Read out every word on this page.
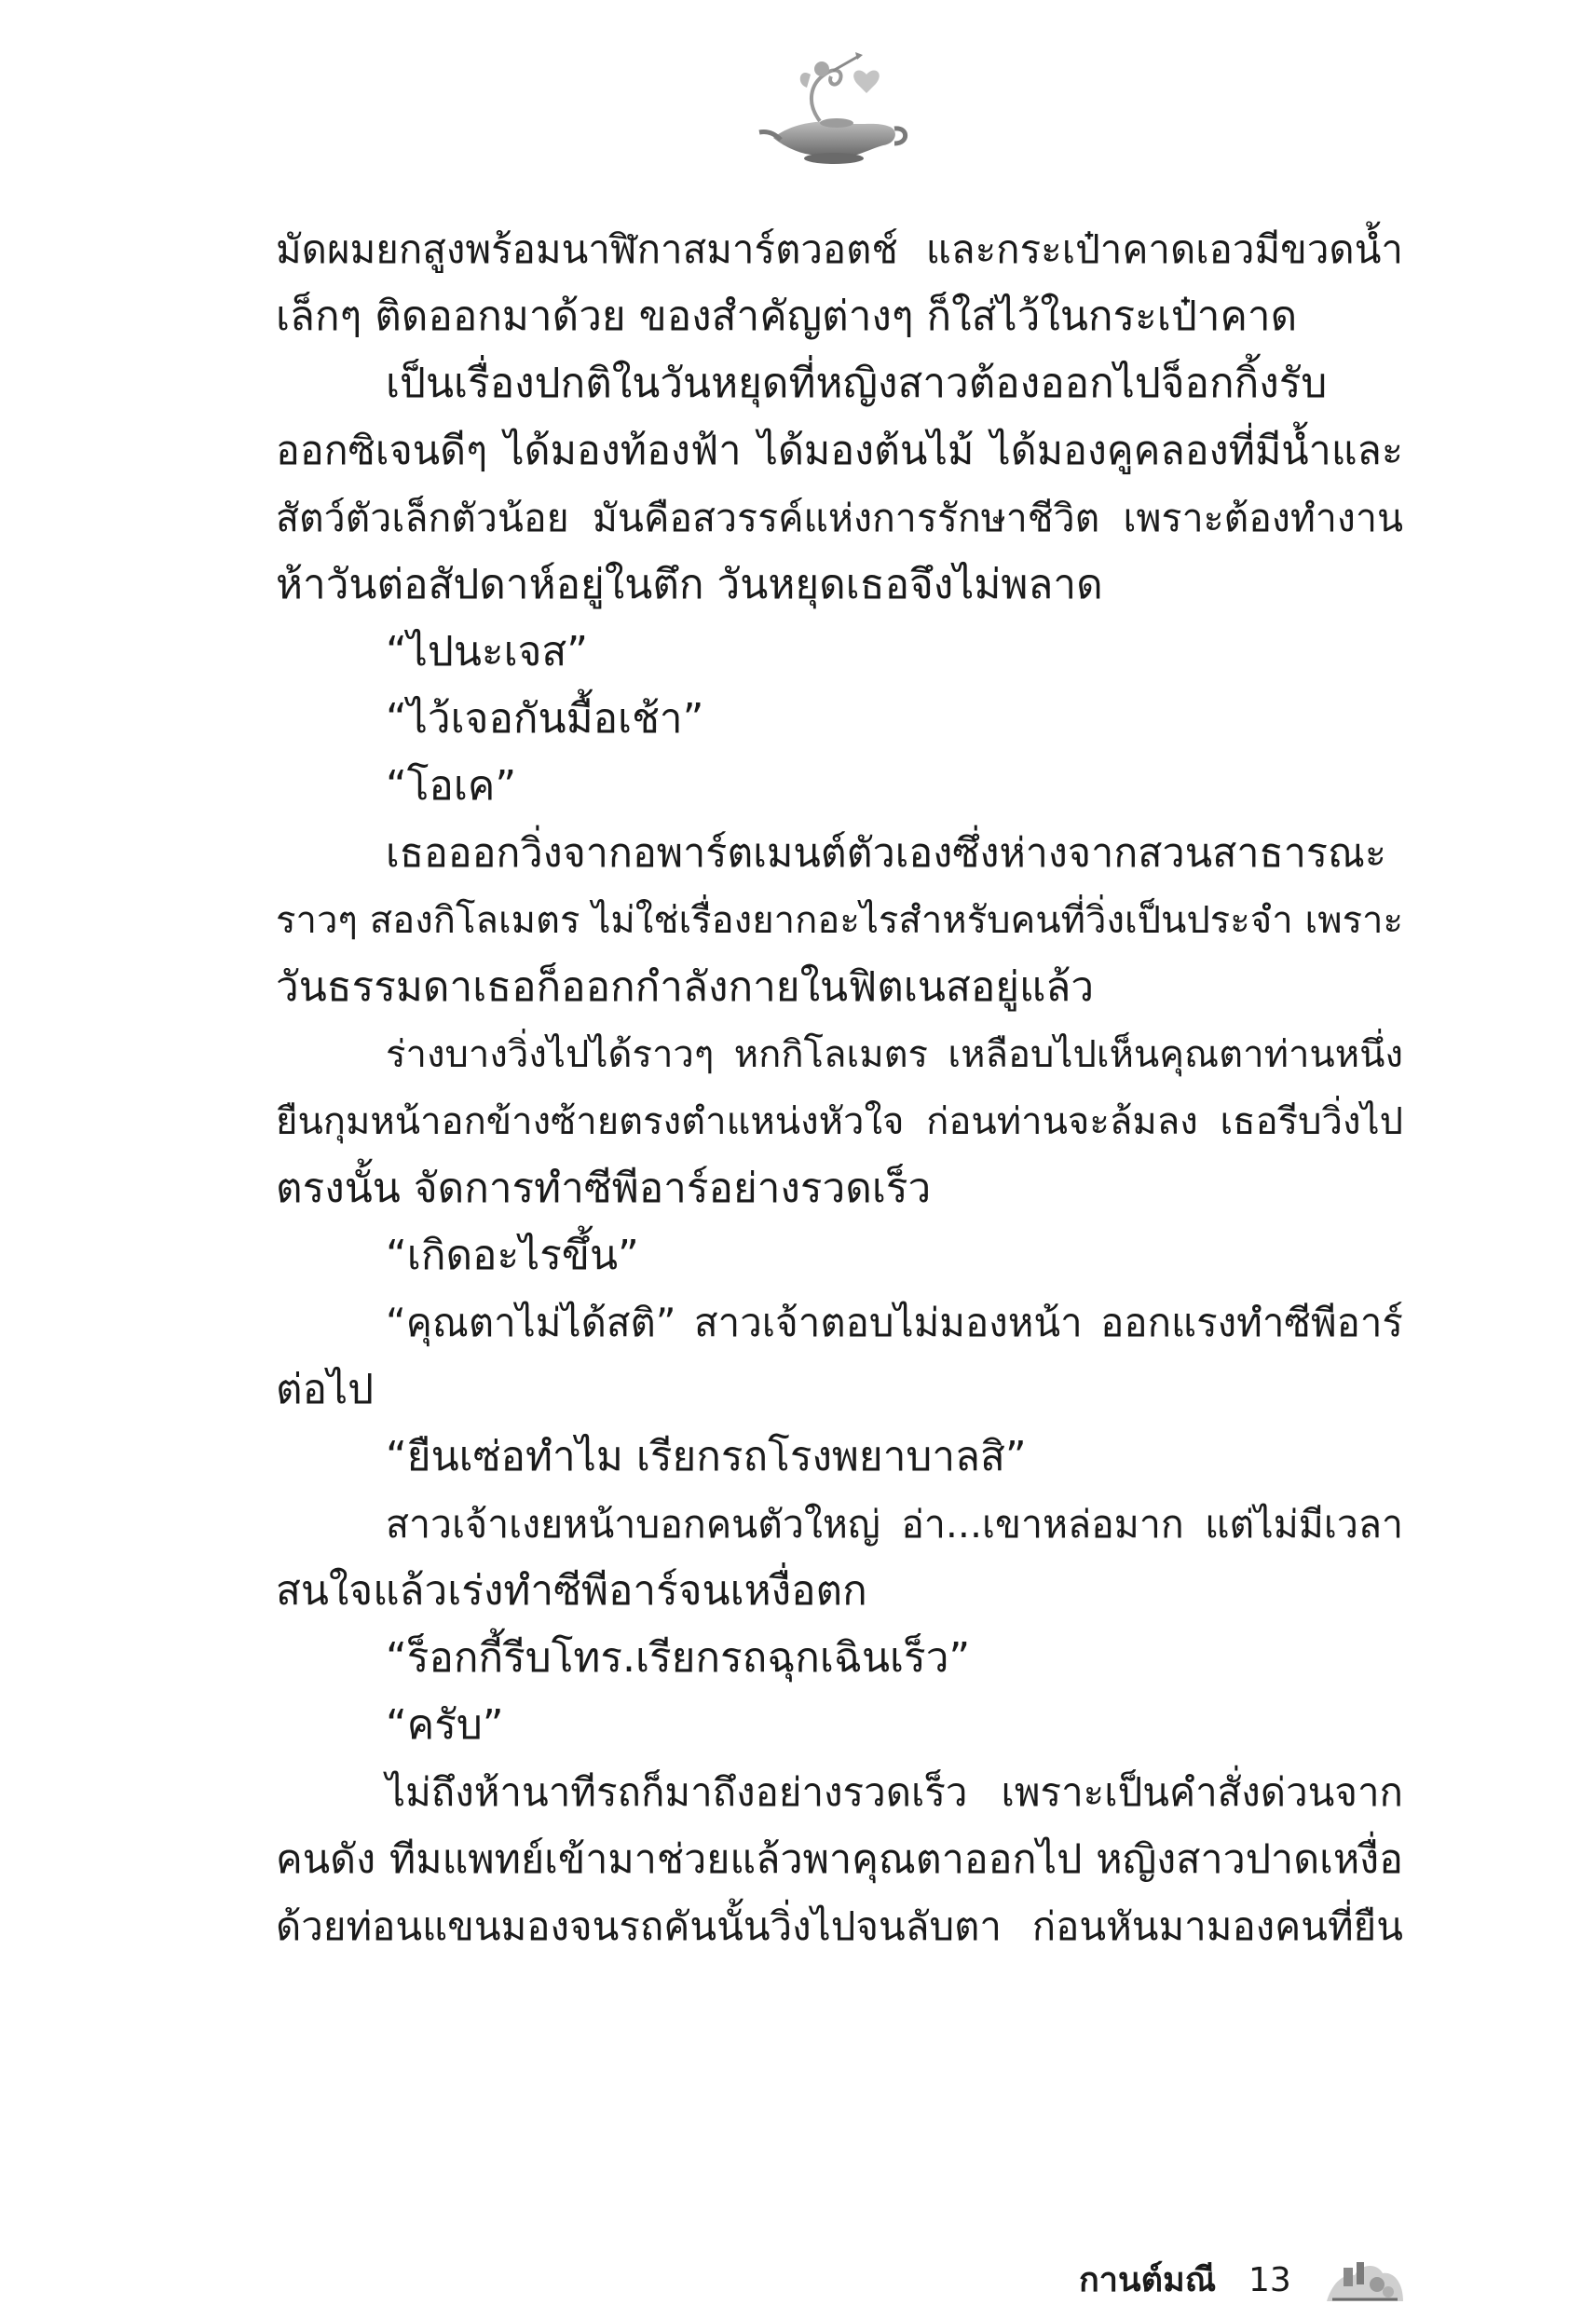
มัดผมยกสูงพร้อมนาฬิกาสมาร์ตวอตช์ และกระเป๋าคาดเอวมีขวดน้ำ
เล็กๆ ติดออกมาด้วย ของสำคัญต่างๆ ก็ใส่ไว้ในกระเป๋าคาด
เป็นเรื่องปกติในวันหยุดที่หญิงสาวต้องออกไปจ็อกกิ้งรับ
ออกซิเจนดีๆ ได้มองท้องฟ้า ได้มองต้นไม้ ได้มองคูคลองที่มีน้ำและ
สัตว์ตัวเล็กตัวน้อย มันคือสวรรค์แห่งการรักษาชีวิต เพราะต้องทำงาน
ห้าวันต่อสัปดาห์อยู่ในตึก วันหยุดเธอจึงไม่พลาด
“ไปนะเจส”
“ไว้เจอกันมื้อเช้า”
“โอเค”
เธอออกวิ่งจากอพาร์ตเมนต์ตัวเองซึ่งห่างจากสวนสาธารณะ
ราวๆ สองกิโลเมตร ไม่ใช่เรื่องยากอะไรสำหรับคนที่วิ่งเป็นประจำ เพราะ
วันธรรมดาเธอก็ออกกำลังกายในฟิตเนสอยู่แล้ว
ร่างบางวิ่งไปได้ราวๆ หกกิโลเมตร เหลือบไปเห็นคุณตาท่านหนึ่ง
ยืนกุมหน้าอกข้างซ้ายตรงตำแหน่งหัวใจ ก่อนท่านจะล้มลง เธอรีบวิ่งไป
ตรงนั้น จัดการทำซีพีอาร์อย่างรวดเร็ว
“เกิดอะไรขึ้น”
“คุณตาไม่ได้สติ” สาวเจ้าตอบไม่มองหน้า ออกแรงทำซีพีอาร์
ต่อไป
“ยืนเซ่อทำไม เรียกรถโรงพยาบาลสิ”
สาวเจ้าเงยหน้าบอกคนตัวใหญ่ อ่า...เขาหล่อมาก แต่ไม่มีเวลา
สนใจแล้วเร่งทำซีพีอาร์จนเหงื่อตก
“ร็อกกี้รีบโทร.เรียกรถฉุกเฉินเร็ว”
“ครับ”
ไม่ถึงห้านาทีรถก็มาถึงอย่างรวดเร็ว เพราะเป็นคำสั่งด่วนจาก
คนดัง ทีมแพทย์เข้ามาช่วยแล้วพาคุณตาออกไป หญิงสาวปาดเหงื่อ
ด้วยท่อนแขนมองจนรถคันนั้นวิ่งไปจนลับตา ก่อนหันมามองคนที่ยืน
กานต์มณี 13
